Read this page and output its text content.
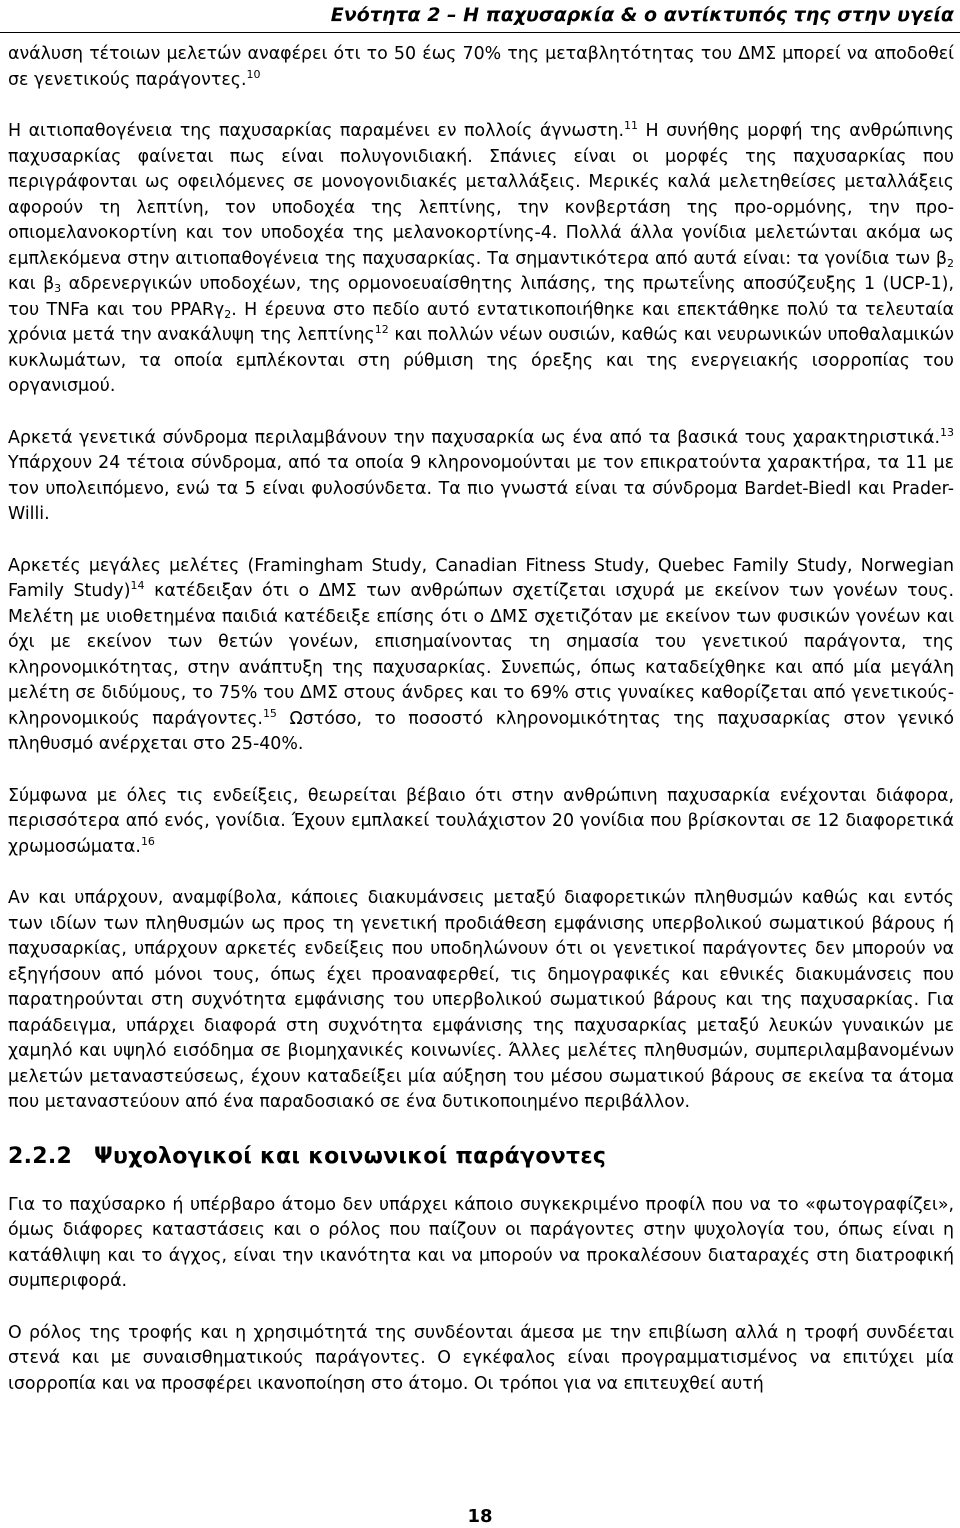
Ενότητα 2 – Η παχυσαρκία & ο αντίκτυπός της στην υγεία

ανάλυση τέτοιων μελετών αναφέρει ότι το 50 έως 70% της μεταβλητότητας του ΔΜΣ μπορεί να αποδοθεί σε γενετικούς παράγοντες.$^{10}$

Η αιτιοπαθογένεια της παχυσαρκίας παραμένει εν πολλοίς άγνωστη.$^{11}$ Η συνήθης μορφή της ανθρώπινης παχυσαρκίας φαίνεται πως είναι πολυγονιδιακή. Σπάνιες είναι οι μορφές της παχυσαρκίας που περιγράφονται ως οφειλόμενες σε μονογονιδιακές μεταλλάξεις. Μερικές καλά μελετηθείσες μεταλλάξεις αφορούν τη λεπτίνη, τον υποδοχέα της λεπτίνης, την κονβερτάση της προ-ορμόνης, την προ-οπιομελανοκορτίνη και τον υποδοχέα της μελανοκορτίνης-4. Πολλά άλλα γονίδια μελετώνται ακόμα ως εμπλεκόμενα στην αιτιοπαθογένεια της παχυσαρκίας. Τα σημαντικότερα από αυτά είναι: τα γονίδια των $\beta_2$ και $\beta_3$ αδρενεργικών υποδοχέων, της ορμονοευαίσθητης λιπάσης, της πρωτεΐνης αποσύζευξης 1 (UCP-1), του TNFa και του PPARγ$_2$. Η έρευνα στο πεδίο αυτό εντατικοποιήθηκε και επεκτάθηκε πολύ τα τελευταία χρόνια μετά την ανακάλυψη της λεπτίνης$^{12}$ και πολλών νέων ουσιών, καθώς και νευρωνικών υποθαλαμικών κυκλωμάτων, τα οποία εμπλέκονται στη ρύθμιση της όρεξης και της ενεργειακής ισορροπίας του οργανισμού.

Αρκετά γενετικά σύνδρομα περιλαμβάνουν την παχυσαρκία ως ένα από τα βασικά τους χαρακτηριστικά.$^{13}$ Υπάρχουν 24 τέτοια σύνδρομα, από τα οποία 9 κληρονομούνται με τον επικρατούντα χαρακτήρα, τα 11 με τον υπολειπόμενο, ενώ τα 5 είναι φυλοσύνδετα. Τα πιο γνωστά είναι τα σύνδρομα Bardet-Biedl και Prader-Willi.

Αρκετές μεγάλες μελέτες (Framingham Study, Canadian Fitness Study, Quebec Family Study, Norwegian Family Study)$^{14}$ κατέδειξαν ότι ο ΔΜΣ των ανθρώπων σχετίζεται ισχυρά με εκείνον των γονέων τους. Μελέτη με υιοθετημένα παιδιά κατέδειξε επίσης ότι ο ΔΜΣ σχετιζόταν με εκείνον των φυσικών γονέων και όχι με εκείνον των θετών γονέων, επισημαίνοντας τη σημασία του γενετικού παράγοντα, της κληρονομικότητας, στην ανάπτυξη της παχυσαρκίας. Συνεπώς, όπως καταδείχθηκε και από μία μεγάλη μελέτη σε διδύμους, το 75% του ΔΜΣ στους άνδρες και το 69% στις γυναίκες καθορίζεται από γενετικούς-κληρονομικούς παράγοντες.$^{15}$ Ωστόσο, το ποσοστό κληρονομικότητας της παχυσαρκίας στον γενικό πληθυσμό ανέρχεται στο 25-40%.

Σύμφωνα με όλες τις ενδείξεις, θεωρείται βέβαιο ότι στην ανθρώπινη παχυσαρκία ενέχονται διάφορα, περισσότερα από ενός, γονίδια. Έχουν εμπλακεί τουλάχιστον 20 γονίδια που βρίσκονται σε 12 διαφορετικά χρωμοσώματα.$^{16}$

Αν και υπάρχουν, αναμφίβολα, κάποιες διακυμάνσεις μεταξύ διαφορετικών πληθυσμών καθώς και εντός των ιδίων των πληθυσμών ως προς τη γενετική προδιάθεση εμφάνισης υπερβολικού σωματικού βάρους ή παχυσαρκίας, υπάρχουν αρκετές ενδείξεις που υποδηλώνουν ότι οι γενετικοί παράγοντες δεν μπορούν να εξηγήσουν από μόνοι τους, όπως έχει προαναφερθεί, τις δημογραφικές και εθνικές διακυμάνσεις που παρατηρούνται στη συχνότητα εμφάνισης του υπερβολικού σωματικού βάρους και της παχυσαρκίας. Για παράδειγμα, υπάρχει διαφορά στη συχνότητα εμφάνισης της παχυσαρκίας μεταξύ λευκών γυναικών με χαμηλό και υψηλό εισόδημα σε βιομηχανικές κοινωνίες. Άλλες μελέτες πληθυσμών, συμπεριλαμβανομένων μελετών μεταναστεύσεως, έχουν καταδείξει μία αύξηση του μέσου σωματικού βάρους σε εκείνα τα άτομα που μεταναστεύουν από ένα παραδοσιακό σε ένα δυτικοποιημένο περιβάλλον.

2.2.2 Ψυχολογικοί και κοινωνικοί παράγοντες

Για το παχύσαρκο ή υπέρβαρο άτομο δεν υπάρχει κάποιο συγκεκριμένο προφίλ που να το «φωτογραφίζει», όμως διάφορες καταστάσεις και ο ρόλος που παίζουν οι παράγοντες στην ψυχολογία του, όπως είναι η κατάθλιψη και το άγχος, είναι την ικανότητα και να μπορούν να προκαλέσουν διαταραχές στη διατροφική συμπεριφορά.

Ο ρόλος της τροφής και η χρησιμότητά της συνδέονται άμεσα με την επιβίωση αλλά η τροφή συνδέεται στενά και με συναισθηματικούς παράγοντες. Ο εγκέφαλος είναι προγραμματισμένος να επιτύχει μία ισορροπία και να προσφέρει ικανοποίηση στο άτομο. Οι τρόποι για να επιτευχθεί αυτή

18
